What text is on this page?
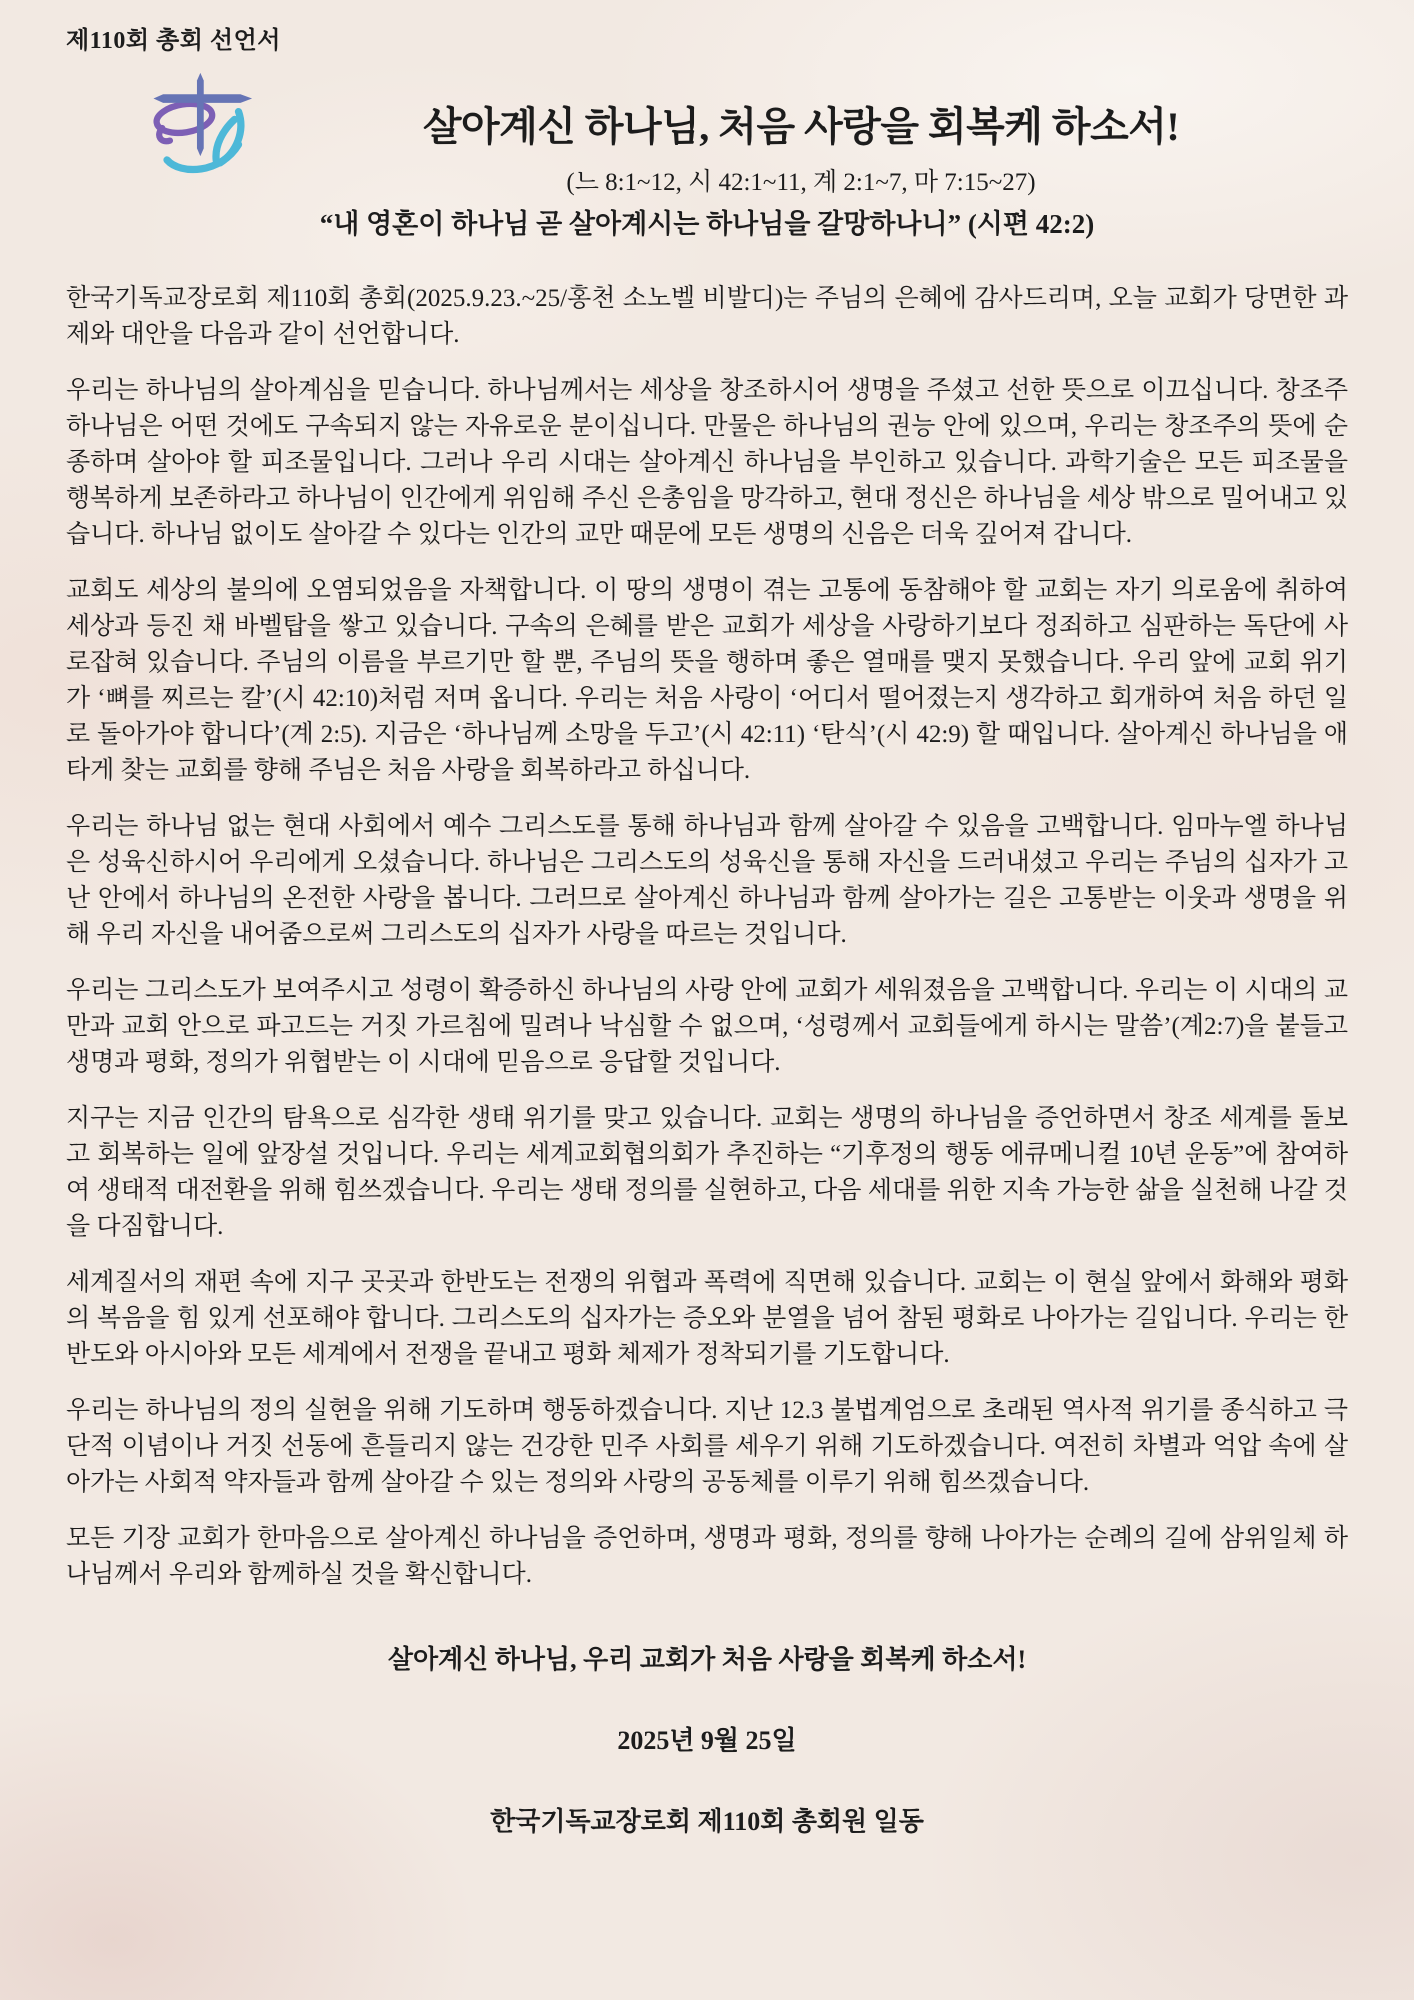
제110회 총회 선언서
살아계신 하나님, 처음 사랑을 회복케 하소서!
(느 8:1~12, 시 42:1~11, 계 2:1~7, 마 7:15~27)
“내 영혼이 하나님 곧 살아계시는 하나님을 갈망하나니” (시편 42:2)

한국기독교장로회 제110회 총회(2025.9.23.~25/홍천 소노벨 비발디)는 주님의 은혜에 감사드리며, 오늘 교회가 당면한 과제와 대안을 다음과 같이 선언합니다.

우리는 하나님의 살아계심을 믿습니다. 하나님께서는 세상을 창조하시어 생명을 주셨고 선한 뜻으로 이끄십니다. 창조주 하나님은 어떤 것에도 구속되지 않는 자유로운 분이십니다. 만물은 하나님의 권능 안에 있으며, 우리는 창조주의 뜻에 순종하며 살아야 할 피조물입니다. 그러나 우리 시대는 살아계신 하나님을 부인하고 있습니다. 과학기술은 모든 피조물을 행복하게 보존하라고 하나님이 인간에게 위임해 주신 은총임을 망각하고, 현대 정신은 하나님을 세상 밖으로 밀어내고 있습니다. 하나님 없이도 살아갈 수 있다는 인간의 교만 때문에 모든 생명의 신음은 더욱 깊어져 갑니다.

교회도 세상의 불의에 오염되었음을 자책합니다. 이 땅의 생명이 겪는 고통에 동참해야 할 교회는 자기 의로움에 취하여 세상과 등진 채 바벨탑을 쌓고 있습니다. 구속의 은혜를 받은 교회가 세상을 사랑하기보다 정죄하고 심판하는 독단에 사로잡혀 있습니다. 주님의 이름을 부르기만 할 뿐, 주님의 뜻을 행하며 좋은 열매를 맺지 못했습니다. 우리 앞에 교회 위기가 ‘뼈를 찌르는 칼’(시 42:10)처럼 저며 옵니다. 우리는 처음 사랑이 ‘어디서 떨어졌는지 생각하고 회개하여 처음 하던 일로 돌아가야 합니다’(계 2:5). 지금은 ‘하나님께 소망을 두고’(시 42:11) ‘탄식’(시 42:9) 할 때입니다. 살아계신 하나님을 애타게 찾는 교회를 향해 주님은 처음 사랑을 회복하라고 하십니다.

우리는 하나님 없는 현대 사회에서 예수 그리스도를 통해 하나님과 함께 살아갈 수 있음을 고백합니다. 임마누엘 하나님은 성육신하시어 우리에게 오셨습니다. 하나님은 그리스도의 성육신을 통해 자신을 드러내셨고 우리는 주님의 십자가 고난 안에서 하나님의 온전한 사랑을 봅니다. 그러므로 살아계신 하나님과 함께 살아가는 길은 고통받는 이웃과 생명을 위해 우리 자신을 내어줌으로써 그리스도의 십자가 사랑을 따르는 것입니다.

우리는 그리스도가 보여주시고 성령이 확증하신 하나님의 사랑 안에 교회가 세워졌음을 고백합니다. 우리는 이 시대의 교만과 교회 안으로 파고드는 거짓 가르침에 밀려나 낙심할 수 없으며, ‘성령께서 교회들에게 하시는 말씀’(계2:7)을 붙들고 생명과 평화, 정의가 위협받는 이 시대에 믿음으로 응답할 것입니다.

지구는 지금 인간의 탐욕으로 심각한 생태 위기를 맞고 있습니다. 교회는 생명의 하나님을 증언하면서 창조 세계를 돌보고 회복하는 일에 앞장설 것입니다. 우리는 세계교회협의회가 추진하는 “기후정의 행동 에큐메니컬 10년 운동”에 참여하여 생태적 대전환을 위해 힘쓰겠습니다. 우리는 생태 정의를 실현하고, 다음 세대를 위한 지속 가능한 삶을 실천해 나갈 것을 다짐합니다.

세계질서의 재편 속에 지구 곳곳과 한반도는 전쟁의 위협과 폭력에 직면해 있습니다. 교회는 이 현실 앞에서 화해와 평화의 복음을 힘 있게 선포해야 합니다. 그리스도의 십자가는 증오와 분열을 넘어 참된 평화로 나아가는 길입니다. 우리는 한반도와 아시아와 모든 세계에서 전쟁을 끝내고 평화 체제가 정착되기를 기도합니다.

우리는 하나님의 정의 실현을 위해 기도하며 행동하겠습니다. 지난 12.3 불법계엄으로 초래된 역사적 위기를 종식하고 극단적 이념이나 거짓 선동에 흔들리지 않는 건강한 민주 사회를 세우기 위해 기도하겠습니다. 여전히 차별과 억압 속에 살아가는 사회적 약자들과 함께 살아갈 수 있는 정의와 사랑의 공동체를 이루기 위해 힘쓰겠습니다.

모든 기장 교회가 한마음으로 살아계신 하나님을 증언하며, 생명과 평화, 정의를 향해 나아가는 순례의 길에 삼위일체 하나님께서 우리와 함께하실 것을 확신합니다.

살아계신 하나님, 우리 교회가 처음 사랑을 회복케 하소서!
2025년 9월 25일
한국기독교장로회 제110회 총회원 일동
